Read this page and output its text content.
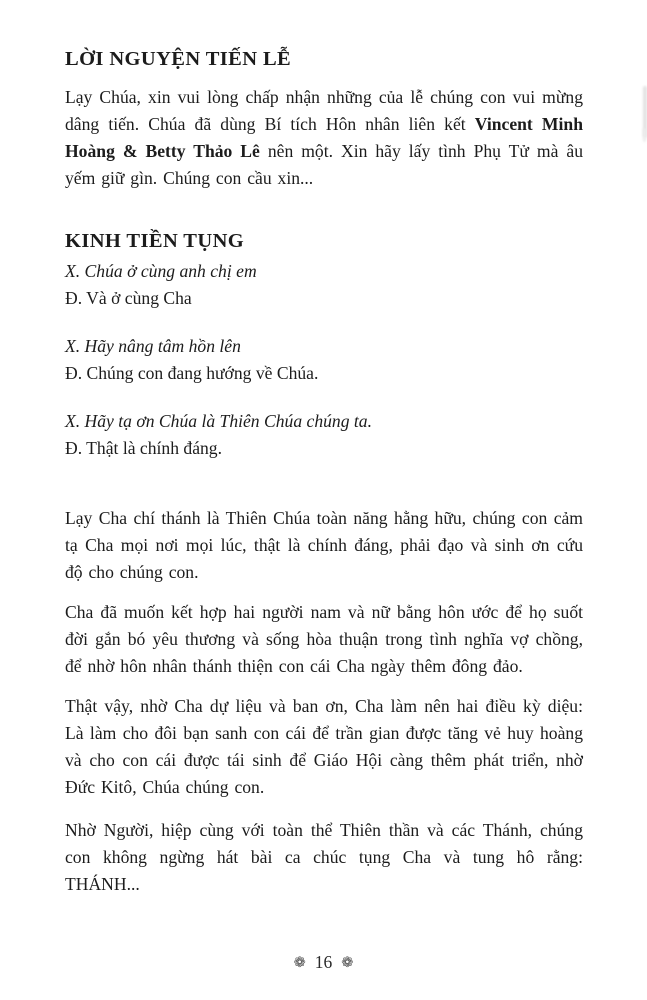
LỜI NGUYỆN TIẾN LỄ

Lạy Chúa, xin vui lòng chấp nhận những của lễ chúng con vui mừng dâng tiến. Chúa đã dùng Bí tích Hôn nhân liên kết Vincent Minh Hoàng & Betty Thảo Lê nên một. Xin hãy lấy tình Phụ Tử mà âu yếm giữ gìn. Chúng con cầu xin...

KINH TIỀN TỤNG

X. Chúa ở cùng anh chị em

Đ. Và ở cùng Cha

X. Hãy nâng tâm hồn lên

Đ. Chúng con đang hướng về Chúa.

X. Hãy tạ ơn Chúa là Thiên Chúa chúng ta.

Đ. Thật là chính đáng.

Lạy Cha chí thánh là Thiên Chúa toàn năng hằng hữu, chúng con cảm tạ Cha mọi nơi mọi lúc, thật là chính đáng, phải đạo và sinh ơn cứu độ cho chúng con.

Cha đã muốn kết hợp hai người nam và nữ bằng hôn ước để họ suốt đời gắn bó yêu thương và sống hòa thuận trong tình nghĩa vợ chồng, để nhờ hôn nhân thánh thiện con cái Cha ngày thêm đông đảo.

Thật vậy, nhờ Cha dự liệu và ban ơn, Cha làm nên hai điều kỳ diệu: Là làm cho đôi bạn sanh con cái để trần gian được tăng vẻ huy hoàng và cho con cái được tái sinh để Giáo Hội càng thêm phát triển, nhờ Đức Kitô, Chúa chúng con.

Nhờ Người, hiệp cùng với toàn thể Thiên thần và các Thánh, chúng con không ngừng hát bài ca chúc tụng Cha và tung hô rằng: THÁNH...

❁ 16 ❁
